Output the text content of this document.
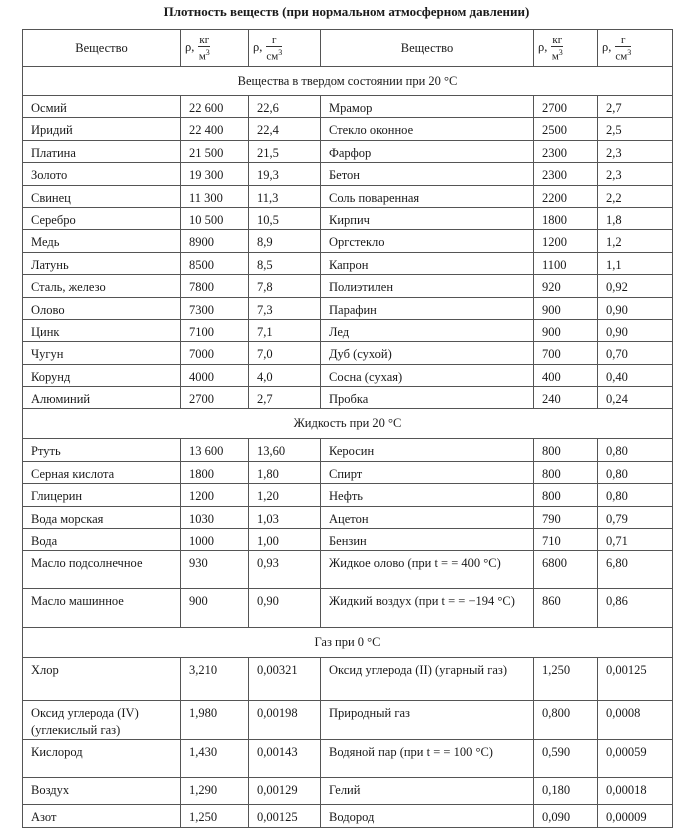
Плотность веществ (при нормальном атмосферном давлении)
Вещество	ρ, $\frac{кг}{м^3}$	ρ, $\frac{г}{см^3}$	Вещество	ρ, $\frac{кг}{м^3}$	ρ, $\frac{г}{см^3}$

Вещества в твердом состоянии при 20 °С					
Осмий	22 600	22,6	Мрамор	2700	2,7
Иридий	22 400	22,4	Стекло оконное	2500	2,5
Платина	21 500	21,5	Фарфор	2300	2,3
Золото	19 300	19,3	Бетон	2300	2,3
Свинец	11 300	11,3	Соль поваренная	2200	2,2
Серебро	10 500	10,5	Кирпич	1800	1,8
Медь	8900	8,9	Оргстекло	1200	1,2
Латунь	8500	8,5	Капрон	1100	1,1
Сталь, железо	7800	7,8	Полиэтилен	920	0,92
Олово	7300	7,3	Парафин	900	0,90
Цинк	7100	7,1	Лед	900	0,90
Чугун	7000	7,0	Дуб (сухой)	700	0,70
Корунд	4000	4,0	Сосна (сухая)	400	0,40
Алюминий	2700	2,7	Пробка	240	0,24
Жидкость при 20 °С					
Ртуть	13 600	13,60	Керосин	800	0,80
Серная кислота	1800	1,80	Спирт	800	0,80
Глицерин	1200	1,20	Нефть	800	0,80
Вода морская	1030	1,03	Ацетон	790	0,79
Вода	1000	1,00	Бензин	710	0,71
Масло подсолнечное	930	0,93	Жидкое олово (при t = = 400 °С)	6800	6,80
Масло машинное	900	0,90	Жидкий воздух (при t = = −194 °С)	860	0,86
Газ при 0 °С					
Хлор	3,210	0,00321	Оксид углерода (II) (угарный газ)	1,250	0,00125
Оксид углерода (IV) (углекислый газ)	1,980	0,00198	Природный газ	0,800	0,0008
Кислород	1,430	0,00143	Водяной пар (при t = = 100 °С)	0,590	0,00059
Воздух	1,290	0,00129	Гелий	0,180	0,00018
Азот	1,250	0,00125	Водород	0,090	0,00009
